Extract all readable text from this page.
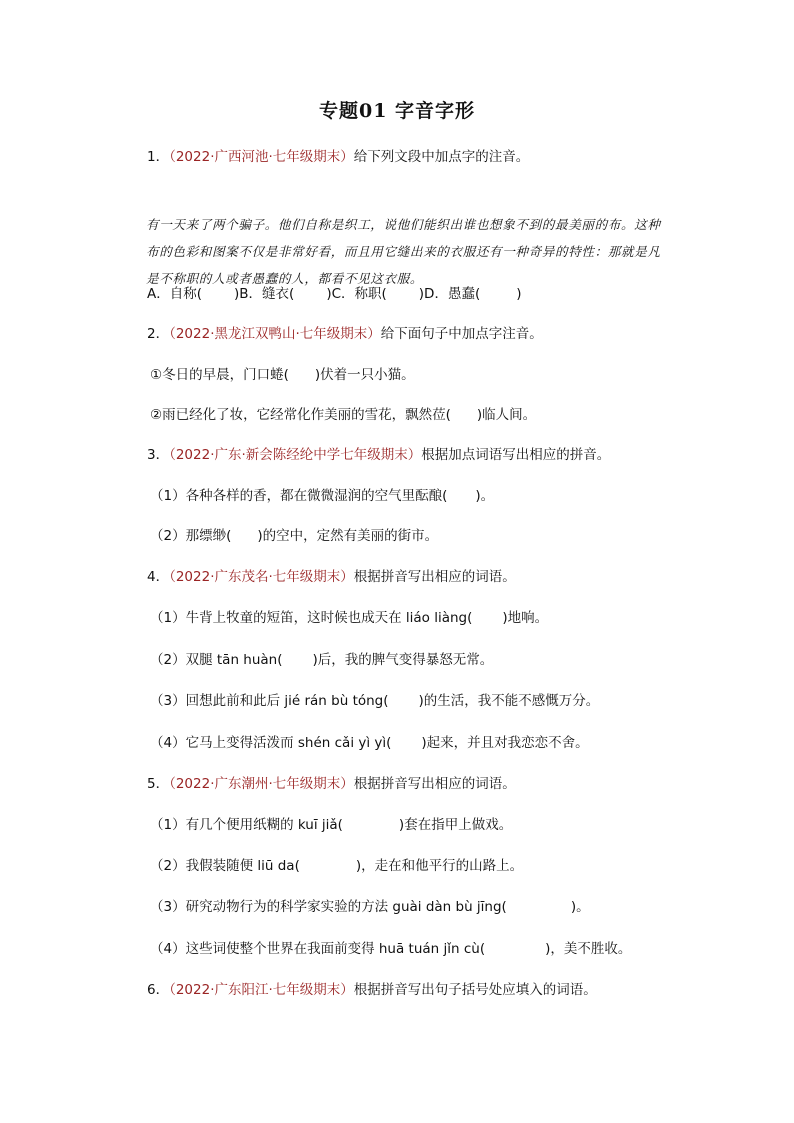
专题01 字音字形
1．（2022·广西河池·七年级期末）给下列文段中加点字的注音。
有一天来了两个骗子。他们自称是织工，说他们能织出谁也想象不到的最美丽的布。这种布的色彩和图案不仅是非常好看，而且用它缝出来的衣服还有一种奇异的特性：那就是凡是不称职的人或者愚蠢的人，都看不见这衣服。
A．自称( )B．缝衣( )C．称职( )D．愚蠢(	)
2．（2022·黑龙江双鸭山·七年级期末）给下面句子中加点字注音。
①冬日的早晨，门口蜷( )伏着一只小猫。
②雨已经化了妆，它经常化作美丽的雪花，飘然莅( )临人间。
3．（2022·广东·新会陈经纶中学七年级期末）根据加点词语写出相应的拼音。
（1）各种各样的香，都在微微湿润的空气里酝酿( )。
（2）那缥缈( )的空中，定然有美丽的街市。
4．（2022·广东茂名·七年级期末）根据拼音写出相应的词语。
（1）牛背上牧童的短笛，这时候也成天在 liáo liàng( )地响。
（2）双腿 tān huàn( )后，我的脾气变得暴怒无常。
（3）回想此前和此后 jié rán bù tóng( )的生活，我不能不感慨万分。
（4）它马上变得活泼而 shén cǎi yì yì( )起来，并且对我恋恋不舍。
5．（2022·广东潮州·七年级期末）根据拼音写出相应的词语。
（1）有几个便用纸糊的 kuī jiǎ(	)套在指甲上做戏。
（2）我假装随便 liū da(	)，走在和他平行的山路上。
（3）研究动物行为的科学家实验的方法 guài dàn bù jīng(	)。
（4）这些词使整个世界在我面前变得 huā tuán jǐn cù(	)，美不胜收。
6．（2022·广东阳江·七年级期末）根据拼音写出句子括号处应填入的词语。
